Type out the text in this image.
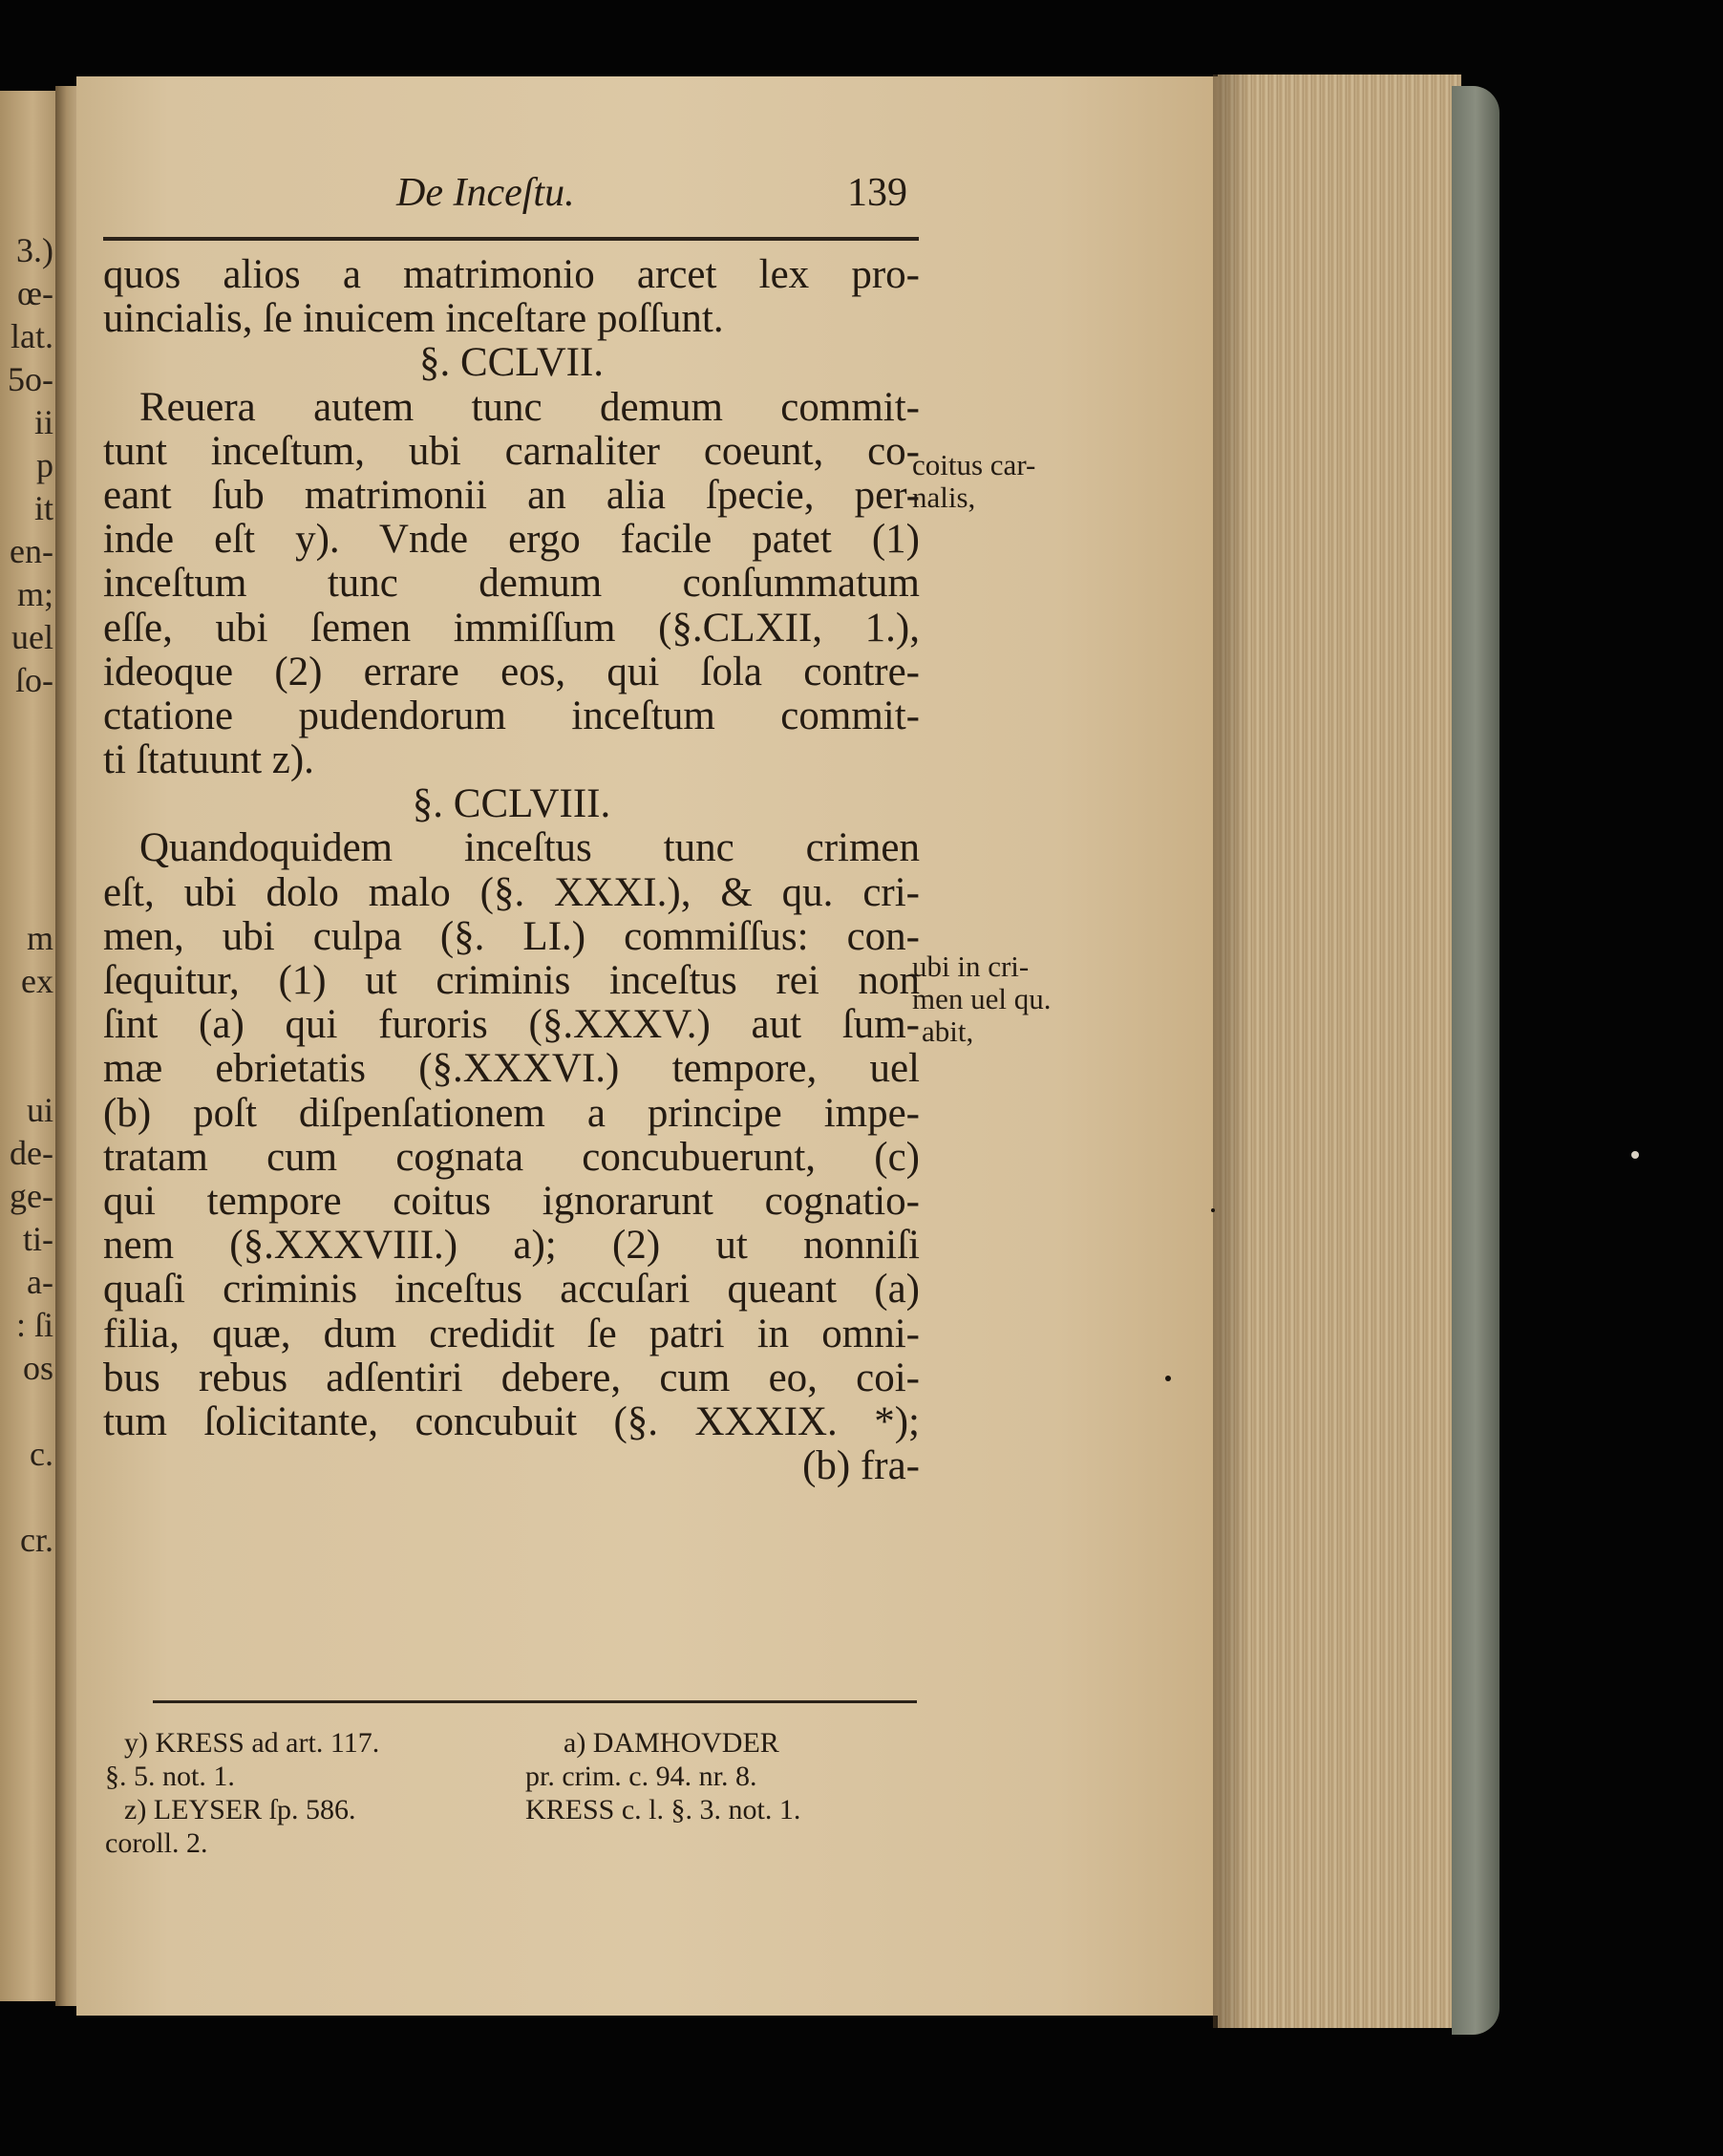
3.)
œ-
lat.
5o-
ii
p
it
en-
m;
uel
ſo-
m
ex
ui
de-
ge-
ti-
a-
: ſi
os
c.
cr.
De Inceſtu.	139
quos alios a matrimonio arcet lex pro-
uincialis, ſe inuicem inceſtare poſſunt.
§. CCLVII.
Reuera autem tunc demum commit-
tunt inceſtum, ubi carnaliter coeunt, co-
eant ſub matrimonii an alia ſpecie, per-
inde eſt y). Vnde ergo facile patet (1)
inceſtum tunc demum conſummatum
eſſe, ubi ſemen immiſſum (§.CLXII, 1.),
ideoque (2) errare eos, qui ſola contre-
ctatione pudendorum inceſtum commit-
ti ſtatuunt z).
§. CCLVIII.
Quandoquidem inceſtus tunc crimen
eſt, ubi dolo malo (§. XXXI.), & qu. cri-
men, ubi culpa (§. LI.) commiſſus: con-
ſequitur, (1) ut criminis inceſtus rei non
ſint (a) qui furoris (§.XXXV.) aut ſum-
mæ ebrietatis (§.XXXVI.) tempore, uel
(b) poſt diſpenſationem a principe impe-
tratam cum cognata concubuerunt, (c)
qui tempore coitus ignorarunt cognatio-
nem (§.XXXVIII.) a); (2) ut nonniſi
quaſi criminis inceſtus accuſari queant (a)
filia, quæ, dum credidit ſe patri in omni-
bus rebus adſentiri debere, cum eo, coi-
tum ſolicitante, concubuit (§. XXXIX. *);
(b) fra-
coitus car-
nalis,
ubi in cri-
men uel qu.
abit,
y) KRESS ad art. 117.
§. 5. not. 1.
z) LEYSER ſp. 586.
coroll. 2.
a) DAMHOVDER
pr. crim. c. 94. nr. 8.
KRESS c. l. §. 3. not. 1.
